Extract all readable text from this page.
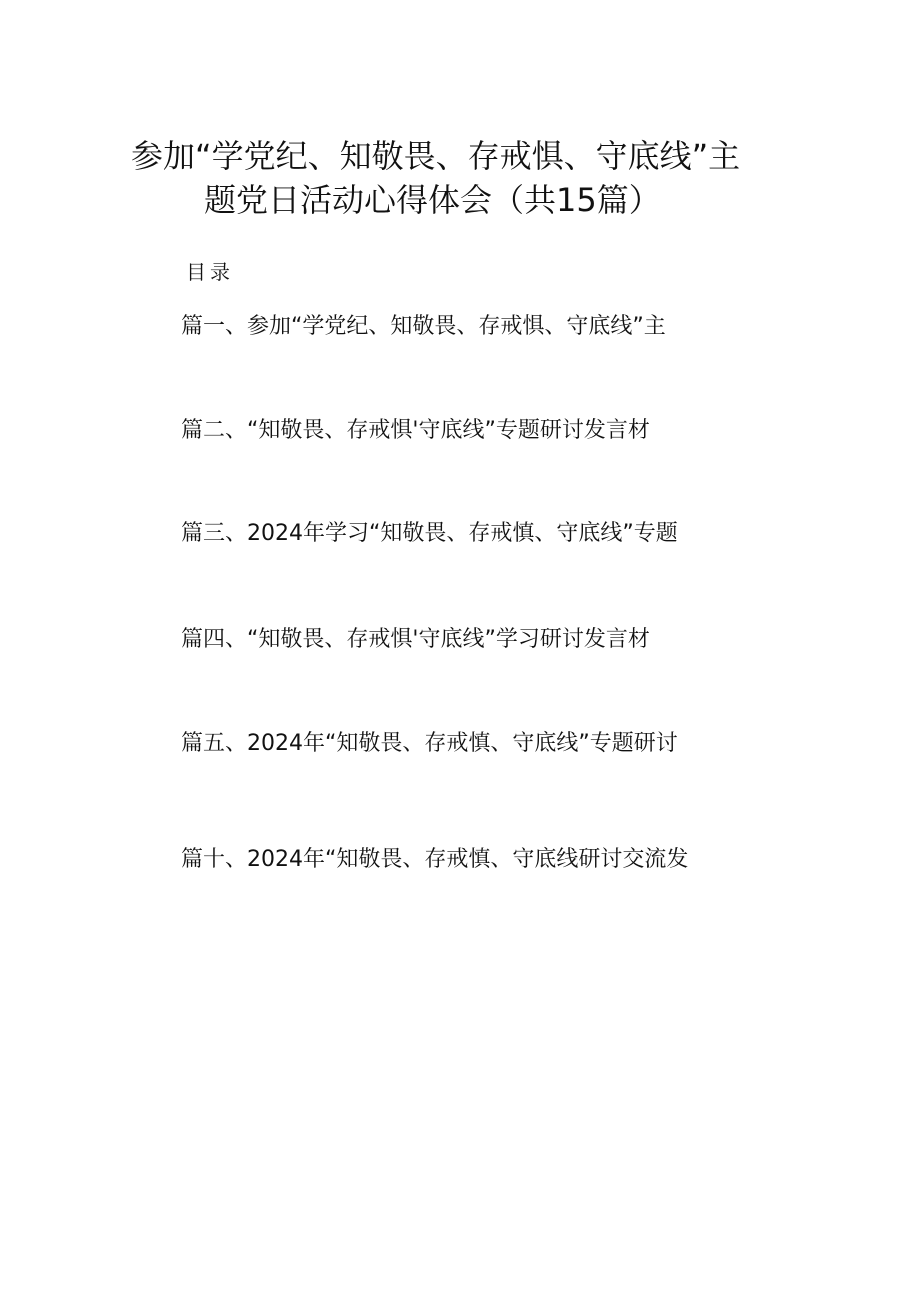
参加“学党纪、知敬畏、存戒惧、守底线”主
题党日活动心得体会（共15篇）
目录
篇一、参加“学党纪、知敬畏、存戒惧、守底线”主
篇二、“知敬畏、存戒惧'守底线”专题研讨发言材
篇三、2024年学习“知敬畏、存戒慎、守底线”专题
篇四、“知敬畏、存戒惧'守底线”学习研讨发言材
篇五、2024年“知敬畏、存戒慎、守底线”专题研讨
篇十、2024年“知敬畏、存戒慎、守底线研讨交流发
